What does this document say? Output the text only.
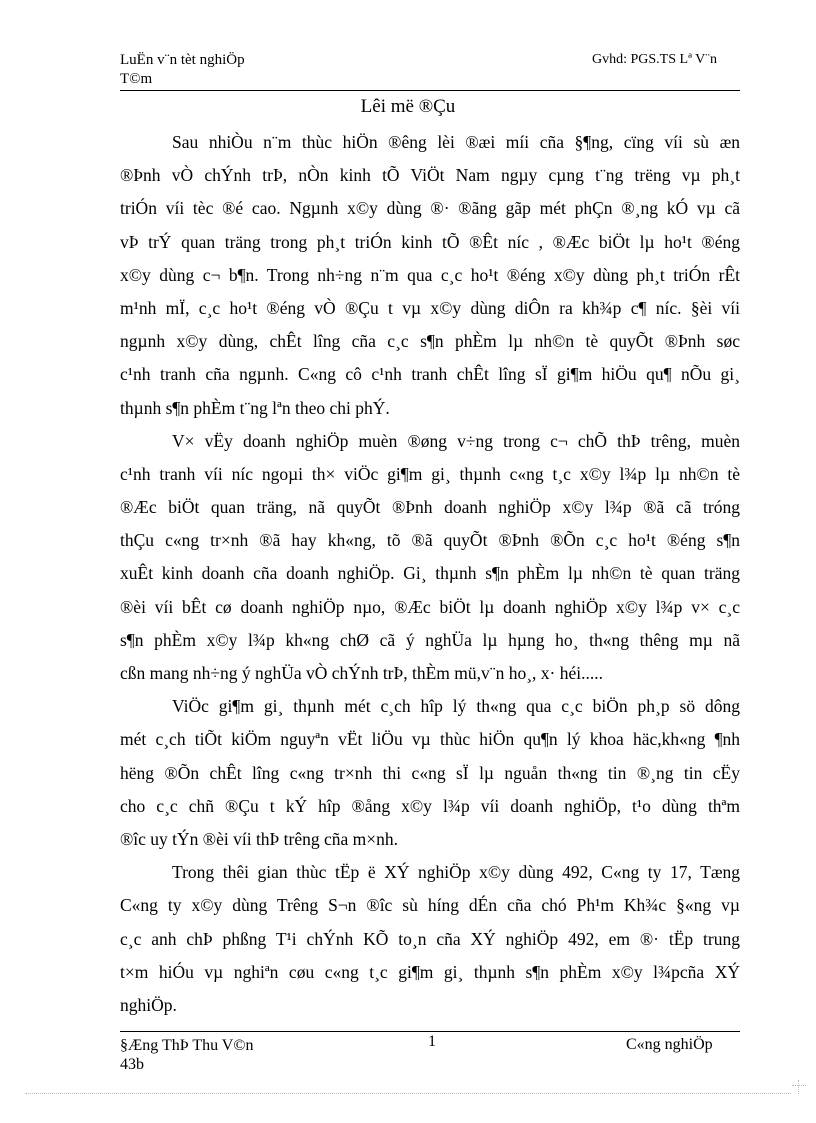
LuËn v¨n tèt nghiÖp
T©m
Gvhd: PGS.TS Lª V¨n
Lêi më ®Çu
Sau nhiÒu n¨m thùc hiÖn ®êng lèi ®æi míi cña §¶ng, cïng víi sù æn
®Þnh vÒ chÝnh trÞ, nÒn kinh tÕ ViÖt Nam ngµy cµng t¨ng trëng vµ ph¸t
triÓn víi tèc ®é cao. Ngµnh x©y dùng ®· ®ãng gãp mét phÇn ®¸ng kÓ vµ cã
vÞ trÝ quan träng trong ph¸t triÓn kinh tÕ ®Êt níc , ®Æc biÖt lµ ho¹t ®éng
x©y dùng c¬ b¶n. Trong nh÷ng n¨m qua c¸c ho¹t ®éng x©y dùng ph¸t triÓn rÊt
m¹nh mÏ, c¸c ho¹t ®éng vÒ ®Çu t vµ x©y dùng diÔn ra kh¾p c¶ níc. §èi víi
ngµnh x©y dùng, chÊt lîng cña c¸c s¶n phÈm lµ nh©n tè quyÕt ®Þnh søc
c¹nh tranh cña ngµnh. C«ng cô c¹nh tranh chÊt lîng sÏ gi¶m hiÖu qu¶ nÕu gi¸
thµnh s¶n phÈm t¨ng lªn theo chi phÝ.
V× vËy doanh nghiÖp muèn ®øng v÷ng trong c¬ chÕ thÞ trêng, muèn
c¹nh tranh víi níc ngoµi th× viÖc gi¶m gi¸ thµnh c«ng t¸c x©y l¾p lµ nh©n tè
®Æc biÖt quan träng, nã quyÕt ®Þnh doanh nghiÖp x©y l¾p ®ã cã tróng
thÇu c«ng tr×nh ®ã hay kh«ng, tõ ®ã quyÕt ®Þnh ®Õn c¸c ho¹t ®éng s¶n
xuÊt kinh doanh cña doanh nghiÖp. Gi¸ thµnh s¶n phÈm lµ nh©n tè quan träng
®èi víi bÊt cø doanh nghiÖp nµo, ®Æc biÖt lµ doanh nghiÖp x©y l¾p v× c¸c
s¶n phÈm x©y l¾p kh«ng chØ cã ý nghÜa lµ hµng ho¸ th«ng thêng mµ nã
cßn mang nh÷ng ý nghÜa vÒ chÝnh trÞ, thÈm mü,v¨n ho¸, x· héi.....
ViÖc gi¶m gi¸ thµnh mét c¸ch hîp lý th«ng qua c¸c biÖn ph¸p sö dông
mét c¸ch tiÕt kiÖm nguyªn vËt liÖu vµ thùc hiÖn qu¶n lý khoa häc,kh«ng ¶nh
hëng ®Õn chÊt lîng c«ng tr×nh thi c«ng sÏ lµ nguån th«ng tin ®¸ng tin cËy
cho c¸c chñ ®Çu t kÝ hîp ®ång x©y l¾p víi doanh nghiÖp, t¹o dùng thªm
®îc uy tÝn ®èi víi thÞ trêng cña m×nh.
Trong thêi gian thùc tËp ë XÝ nghiÖp x©y dùng 492, C«ng ty 17, Tæng
C«ng ty x©y dùng Trêng S¬n ®îc sù híng dÉn cña chó Ph¹m Kh¾c §«ng vµ
c¸c anh chÞ phßng T¹i chÝnh KÕ to¸n cña XÝ nghiÖp 492, em ®· tËp trung
t×m hiÓu vµ nghiªn cøu c«ng t¸c gi¶m gi¸ thµnh s¶n phÈm x©y l¾pcña XÝ
nghiÖp.
§Æng ThÞ Thu V©n
43b
1	C«ng nghiÖp
